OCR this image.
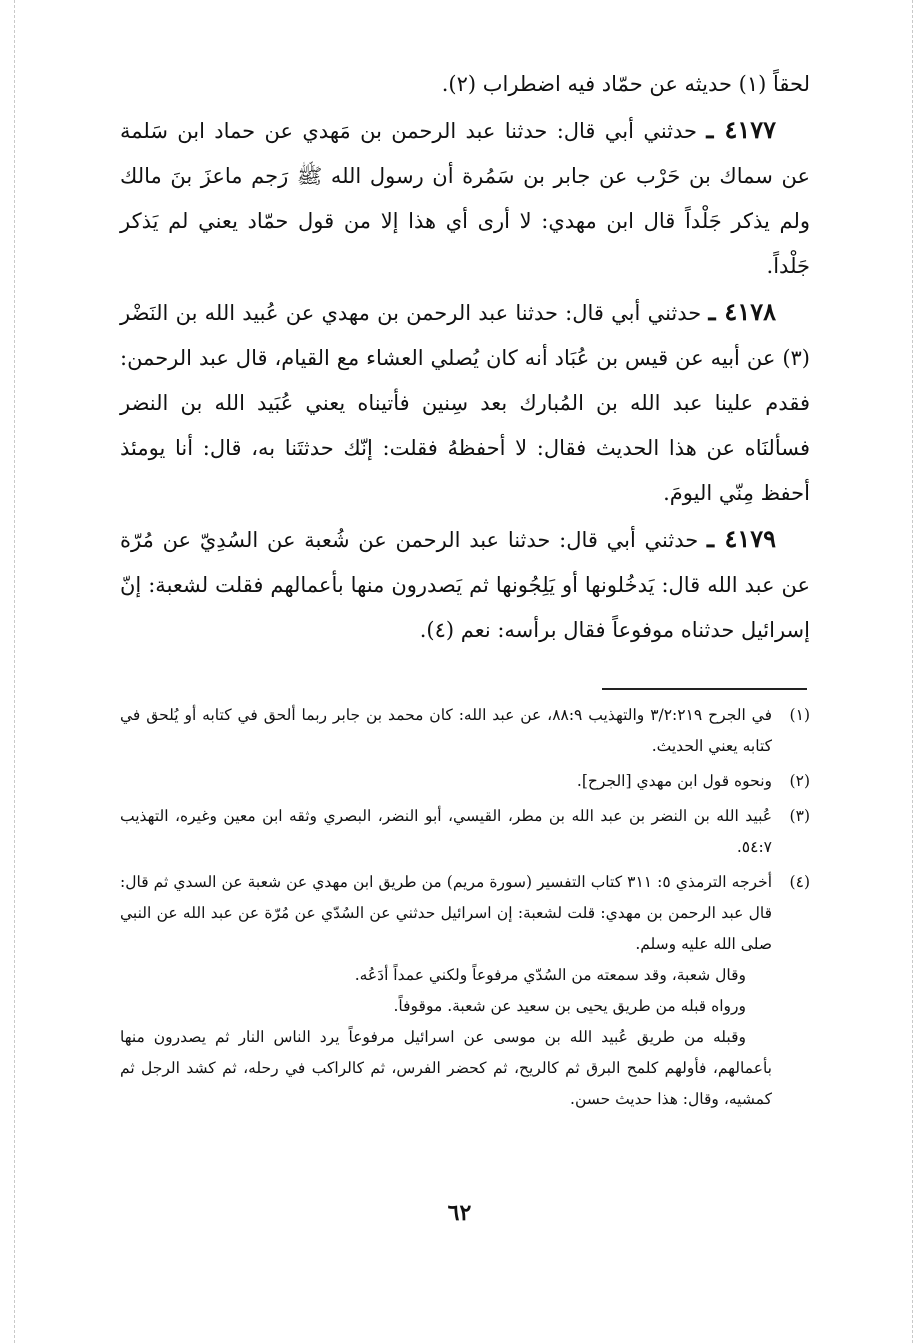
لحقاً (١) حديثه عن حمّاد فيه اضطراب (٢).

٤١٧٧ ـ حدثني أبي قال: حدثنا عبد الرحمن بن مَهدي عن حماد ابن سَلمة عن سماك بن حَرْب عن جابر بن سَمُرة أن رسول الله ﷺ رَجم ماعزَ بنَ مالك ولم يذكر جَلْداً قال ابن مهدي: لا أرى أي هذا إلا من قول حمّاد يعني لم يَذكر جَلْداً.

٤١٧٨ ـ حدثني أبي قال: حدثنا عبد الرحمن بن مهدي عن عُبيد الله بن النَضْر (٣) عن أبيه عن قيس بن عُبَاد أنه كان يُصلي العشاء مع القيام، قال عبد الرحمن: فقدم علينا عبد الله بن المُبارك بعد سِنين فأتيناه يعني عُبَيد الله بن النضر فسألنَاه عن هذا الحديث فقال: لا أحفظهُ فقلت: إنّك حدثتَنا به، قال: أنا يومئذ أحفظ مِنّي اليومَ.

٤١٧٩ ـ حدثني أبي قال: حدثنا عبد الرحمن عن شُعبة عن السُدِيّ عن مُرّة عن عبد الله قال: يَدخُلونها أو يَلِجُونها ثم يَصدرون منها بأعمالهم فقلت لشعبة: إنّ إسرائيل حدثناه موفوعاً فقال برأسه: نعم (٤).

(١)

في الجرح ٣/٢:٢١٩ والتهذيب ٨٨:٩، عن عبد الله: كان محمد بن جابر ربما ألحق في كتابه أو يُلحق في كتابه يعني الحديث.

(٢)

ونحوه قول ابن مهدي [الجرح].

(٣)

عُبيد الله بن النضر بن عبد الله بن مطر، القيسي، أبو النضر، البصري وثقه ابن معين وغيره، التهذيب ٥٤:٧.

(٤)

أخرجه الترمذي ٥: ٣١١ كتاب التفسير (سورة مريم) من طريق ابن مهدي عن شعبة عن السدي ثم قال: قال عبد الرحمن بن مهدي: قلت لشعبة: إن اسرائيل حدثني عن السُدّي عن مُرّة عن عبد الله عن النبي صلى الله عليه وسلم.

وقال شعبة، وقد سمعته من السُدّي مرفوعاً ولكني عمداً أدَعُه.

ورواه قبله من طريق يحيى بن سعيد عن شعبة. موقوفاً.

وقبله من طريق عُبيد الله بن موسى عن اسرائيل مرفوعاً يرد الناس النار ثم يصدرون منها بأعمالهم، فأولهم كلمح البرق ثم كالريح، ثم كحضر الفرس، ثم كالراكب في رحله، ثم كشد الرجل ثم كمشيه، وقال: هذا حديث حسن.

٦٢
